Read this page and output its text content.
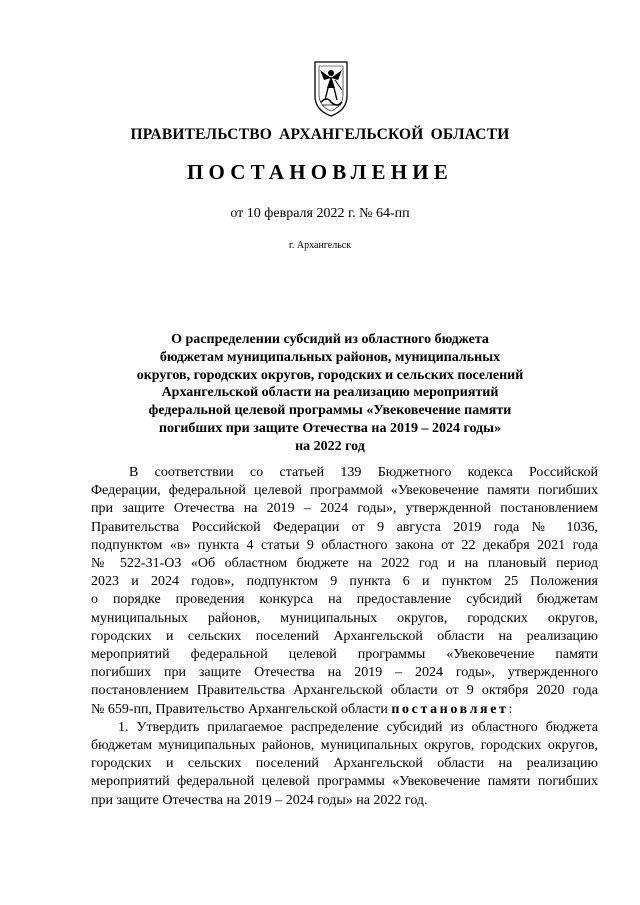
ПРАВИТЕЛЬСТВО АРХАНГЕЛЬСКОЙ ОБЛАСТИ
ПОСТАНОВЛЕНИЕ
от 10 февраля 2022 г. № 64-пп
г. Архангельск
О распределении субсидий из областного бюджета
бюджетам муниципальных районов, муниципальных
округов, городских округов, городских и сельских поселений
Архангельской области на реализацию мероприятий
федеральной целевой программы «Увековечение памяти
погибших при защите Отечества на 2019 – 2024 годы»
на 2022 год
В соответствии со статьей 139 Бюджетного кодекса Российской
Федерации, федеральной целевой программой «Увековечение памяти погибших
при защите Отечества на 2019 – 2024 годы», утвержденной постановлением
Правительства Российской Федерации от 9 августа 2019 года № 1036,
подпунктом «в» пункта 4 статьи 9 областного закона от 22 декабря 2021 года
№ 522-31-ОЗ «Об областном бюджете на 2022 год и на плановый период
2023 и 2024 годов», подпунктом 9 пункта 6 и пунктом 25 Положения
о порядке проведения конкурса на предоставление субсидий бюджетам
муниципальных районов, муниципальных округов, городских округов,
городских и сельских поселений Архангельской области на реализацию
мероприятий федеральной целевой программы «Увековечение памяти
погибших при защите Отечества на 2019 – 2024 годы», утвержденного
постановлением Правительства Архангельской области от 9 октября 2020 года
№ 659-пп, Правительство Архангельской области постановляет:
1. Утвердить прилагаемое распределение субсидий из областного бюджета
бюджетам муниципальных районов, муниципальных округов, городских округов,
городских и сельских поселений Архангельской области на реализацию
мероприятий федеральной целевой программы «Увековечение памяти погибших
при защите Отечества на 2019 – 2024 годы» на 2022 год.
